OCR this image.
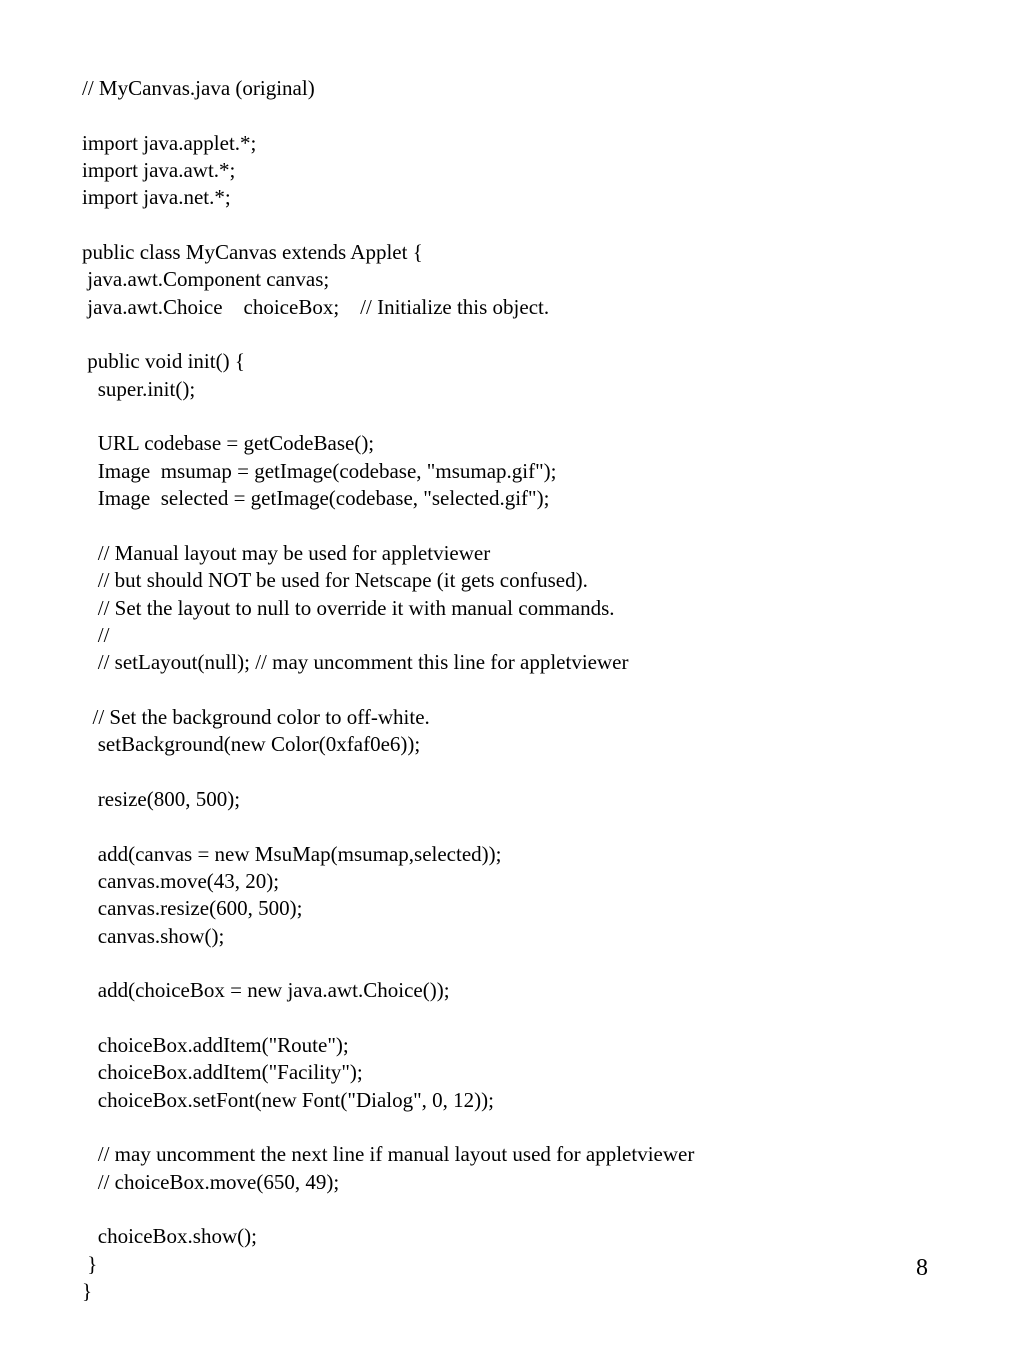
// MyCanvas.java (original)
import java.applet.*;
import java.awt.*;
import java.net.*;
public class MyCanvas extends Applet {
java.awt.Component canvas;
java.awt.Choice    choiceBox;    // Initialize this object.
public void init() {
super.init();
URL codebase = getCodeBase();
Image  msumap = getImage(codebase, "msumap.gif");
Image  selected = getImage(codebase, "selected.gif");
// Manual layout may be used for appletviewer
// but should NOT be used for Netscape (it gets confused).
// Set the layout to null to override it with manual commands.
//
// setLayout(null); // may uncomment this line for appletviewer
// Set the background color to off-white.
setBackground(new Color(0xfaf0e6));
resize(800, 500);
add(canvas = new MsuMap(msumap,selected));
canvas.move(43, 20);
canvas.resize(600, 500);
canvas.show();
add(choiceBox = new java.awt.Choice());
choiceBox.addItem("Route");
choiceBox.addItem("Facility");
choiceBox.setFont(new Font("Dialog", 0, 12));
// may uncomment the next line if manual layout used for appletviewer
// choiceBox.move(650, 49);
choiceBox.show();
}
}
8
